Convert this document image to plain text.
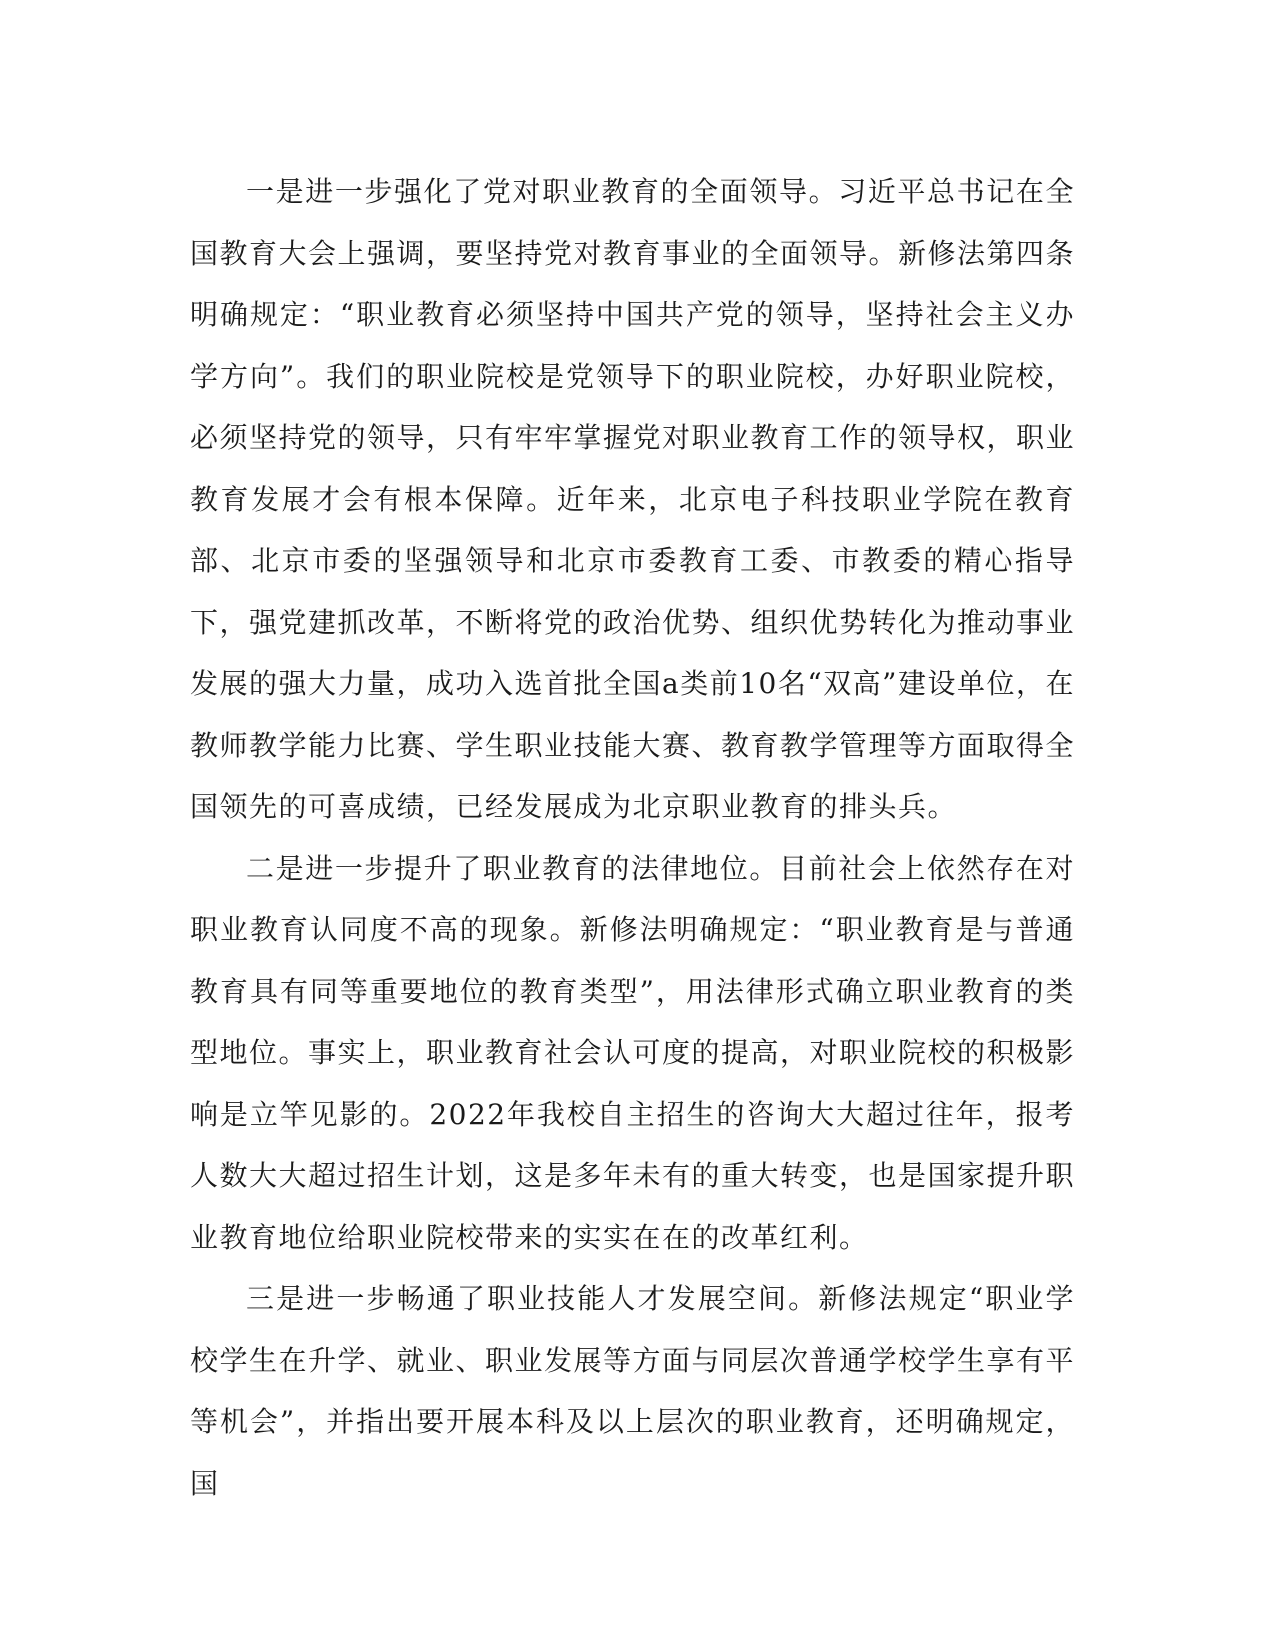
一是进一步强化了党对职业教育的全面领导。习近平总书记在全国教育大会上强调，要坚持党对教育事业的全面领导。新修法第四条明确规定：“职业教育必须坚持中国共产党的领导，坚持社会主义办学方向”。我们的职业院校是党领导下的职业院校，办好职业院校，必须坚持党的领导，只有牢牢掌握党对职业教育工作的领导权，职业教育发展才会有根本保障。近年来，北京电子科技职业学院在教育部、北京市委的坚强领导和北京市委教育工委、市教委的精心指导下，强党建抓改革，不断将党的政治优势、组织优势转化为推动事业发展的强大力量，成功入选首批全国a类前10名“双高”建设单位，在教师教学能力比赛、学生职业技能大赛、教育教学管理等方面取得全国领先的可喜成绩，已经发展成为北京职业教育的排头兵。

二是进一步提升了职业教育的法律地位。目前社会上依然存在对职业教育认同度不高的现象。新修法明确规定：“职业教育是与普通教育具有同等重要地位的教育类型”，用法律形式确立职业教育的类型地位。事实上，职业教育社会认可度的提高，对职业院校的积极影响是立竿见影的。2022年我校自主招生的咨询大大超过往年，报考人数大大超过招生计划，这是多年未有的重大转变，也是国家提升职业教育地位给职业院校带来的实实在在的改革红利。

三是进一步畅通了职业技能人才发展空间。新修法规定“职业学校学生在升学、就业、职业发展等方面与同层次普通学校学生享有平等机会”，并指出要开展本科及以上层次的职业教育，还明确规定，国
